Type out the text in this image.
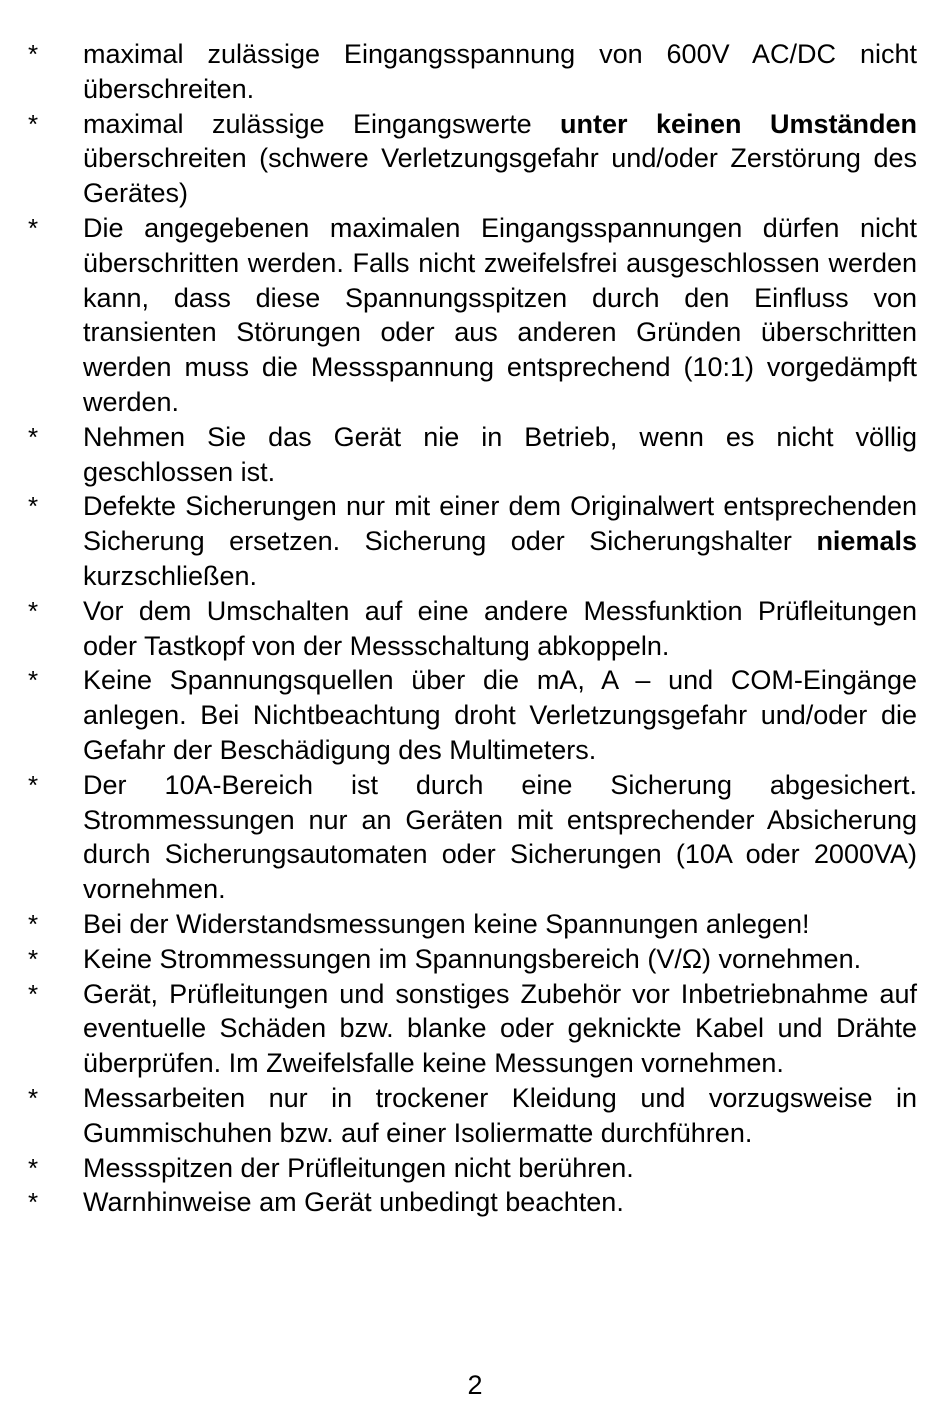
* maximal zulässige Eingangsspannung von 600V AC/DC nicht überschreiten.
* maximal zulässige Eingangswerte unter keinen Umständen überschreiten (schwere Verletzungsgefahr und/oder Zerstörung des Gerätes)
* Die angegebenen maximalen Eingangsspannungen dürfen nicht überschritten werden. Falls nicht zweifelsfrei ausgeschlossen werden kann, dass diese Spannungsspitzen durch den Einfluss von transienten Störungen oder aus anderen Gründen überschritten werden muss die Messspannung entsprechend (10:1) vorgedämpft werden.
* Nehmen Sie das Gerät nie in Betrieb, wenn es nicht völlig geschlossen ist.
* Defekte Sicherungen nur mit einer dem Originalwert entsprechenden Sicherung ersetzen. Sicherung oder Sicherungshalter niemals kurzschließen.
* Vor dem Umschalten auf eine andere Messfunktion Prüfleitungen oder Tastkopf von der Messschaltung abkoppeln.
* Keine Spannungsquellen über die mA, A – und COM-Eingänge anlegen. Bei Nichtbeachtung droht Verletzungsgefahr und/oder die Gefahr der Beschädigung des Multimeters.
* Der 10A-Bereich ist durch eine Sicherung abgesichert. Strommessungen nur an Geräten mit entsprechender Absicherung durch Sicherungsautomaten oder Sicherungen (10A oder 2000VA) vornehmen.
* Bei der Widerstandsmessungen keine Spannungen anlegen!
* Keine Strommessungen im Spannungsbereich (V/Ω) vornehmen.
* Gerät, Prüfleitungen und sonstiges Zubehör vor Inbetriebnahme auf eventuelle Schäden bzw. blanke oder geknickte Kabel und Drähte überprüfen. Im Zweifelsfalle keine Messungen vornehmen.
* Messarbeiten nur in trockener Kleidung und vorzugsweise in Gummischuhen bzw. auf einer Isoliermatte durchführen.
* Messspitzen der Prüfleitungen nicht berühren.
* Warnhinweise am Gerät unbedingt beachten.
2
